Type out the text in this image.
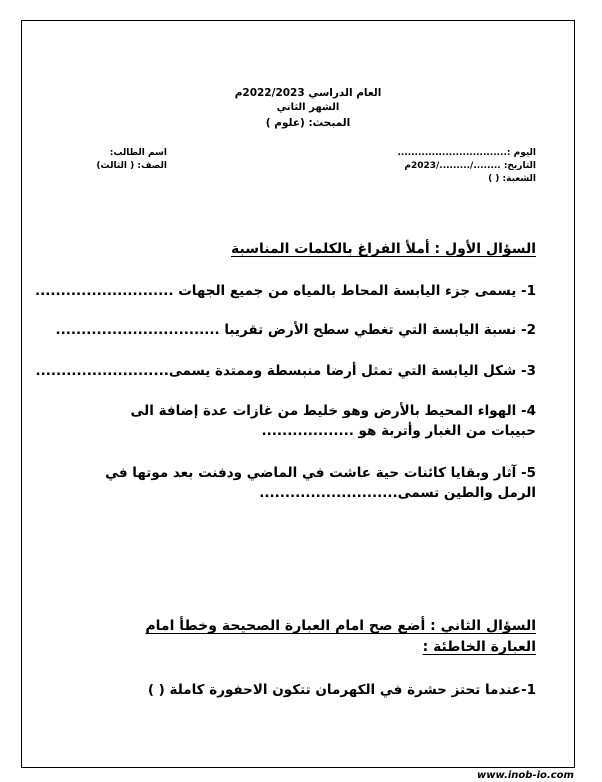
العام الدراسي 2022/2023م
الشهر الثاني
المبحث: (علوم )
اليوم :................................
التاريخ: ......../........./2023م
الشعبة: ( )
اسم الطالب:
الصف: ( الثالث)
السؤال الأول : أملأ الفراغ بالكلمات المناسبة
1- يسمى جزء اليابسة المحاط بالمياه من جميع الجهات ...........................
2- نسبة اليابسة التي تغطي سطح الأرض تقريبا ................................
3- شكل اليابسة التي تمثل أرضا منبسطة وممتدة يسمى..........................
4- الهواء المحيط بالأرض وهو خليط من غازات عدة إضافة الى حبيبات من الغبار وأتربة هو ..................
5- آثار وبقايا كائنات حية عاشت في الماضي ودفنت بعد موتها في الرمل والطين تسمى...........................
السؤال الثاني : أضع صح امام العبارة الصحيحة وخطأ امام العبارة الخاطئة :
1-عندما تحتز حشرة في الكهرمان تتكون الاحفورة كاملة ( )
www.inob-io.com
